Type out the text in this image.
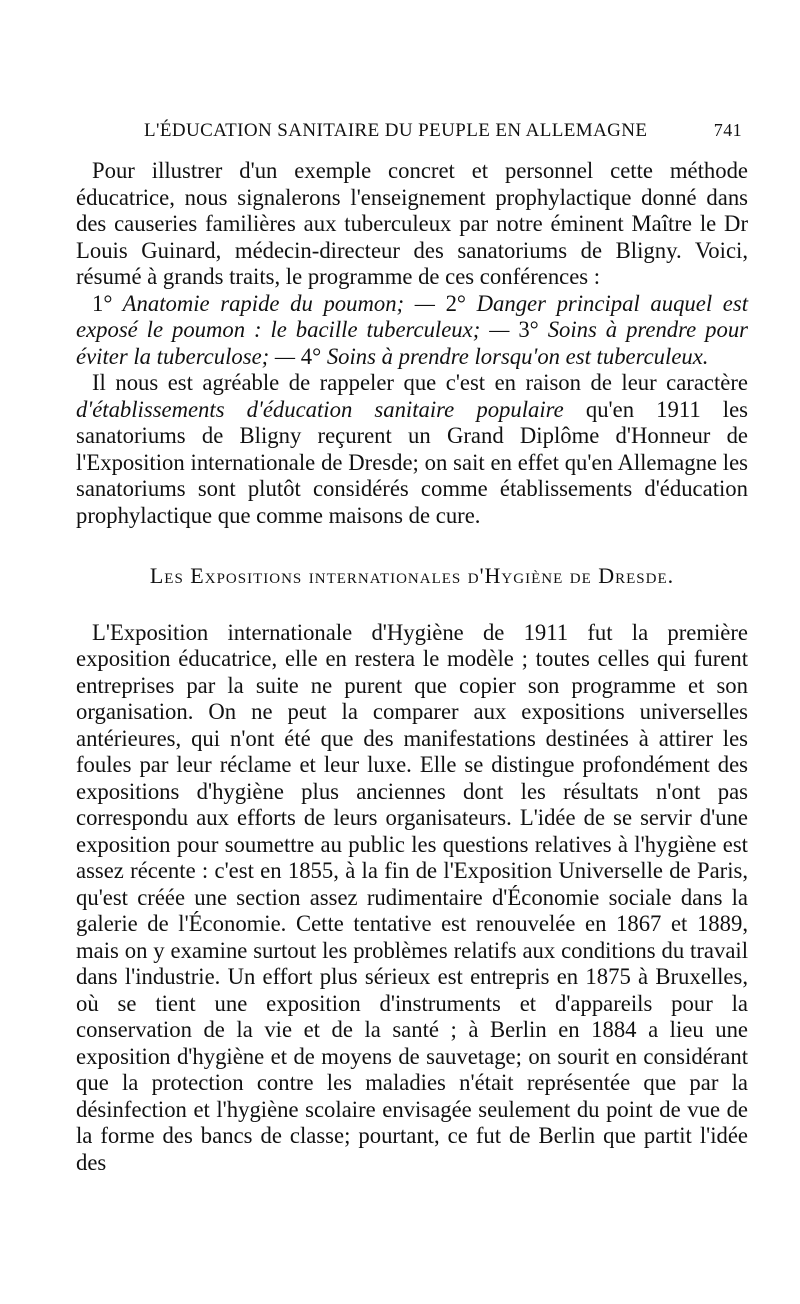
L'ÉDUCATION SANITAIRE DU PEUPLE EN ALLEMAGNE	741

Pour illustrer d'un exemple concret et personnel cette méthode éducatrice, nous signalerons l'enseignement prophylactique donné dans des causeries familières aux tuberculeux par notre éminent Maître le Dr Louis Guinard, médecin-directeur des sanatoriums de Bligny. Voici, résumé à grands traits, le programme de ces conférences :

1° Anatomie rapide du poumon; — 2° Danger principal auquel est exposé le poumon : le bacille tuberculeux; — 3° Soins à prendre pour éviter la tuberculose; — 4° Soins à prendre lorsqu'on est tuberculeux.

Il nous est agréable de rappeler que c'est en raison de leur caractère d'établissements d'éducation sanitaire populaire qu'en 1911 les sanatoriums de Bligny reçurent un Grand Diplôme d'Honneur de l'Exposition internationale de Dresde; on sait en effet qu'en Allemagne les sanatoriums sont plutôt considérés comme établissements d'éducation prophylactique que comme maisons de cure.

Les Expositions internationales d'Hygiène de Dresde.

L'Exposition internationale d'Hygiène de 1911 fut la première exposition éducatrice, elle en restera le modèle ; toutes celles qui furent entreprises par la suite ne purent que copier son programme et son organisation. On ne peut la comparer aux expositions universelles antérieures, qui n'ont été que des manifestations destinées à attirer les foules par leur réclame et leur luxe. Elle se distingue profondément des expositions d'hygiène plus anciennes dont les résultats n'ont pas correspondu aux efforts de leurs organisateurs. L'idée de se servir d'une exposition pour soumettre au public les questions relatives à l'hygiène est assez récente : c'est en 1855, à la fin de l'Exposition Universelle de Paris, qu'est créée une section assez rudimentaire d'Économie sociale dans la galerie de l'Économie. Cette tentative est renouvelée en 1867 et 1889, mais on y examine surtout les problèmes relatifs aux conditions du travail dans l'industrie. Un effort plus sérieux est entrepris en 1875 à Bruxelles, où se tient une exposition d'instruments et d'appareils pour la conservation de la vie et de la santé ; à Berlin en 1884 a lieu une exposition d'hygiène et de moyens de sauvetage; on sourit en considérant que la protection contre les maladies n'était représentée que par la désinfection et l'hygiène scolaire envisagée seulement du point de vue de la forme des bancs de classe; pourtant, ce fut de Berlin que partit l'idée des
